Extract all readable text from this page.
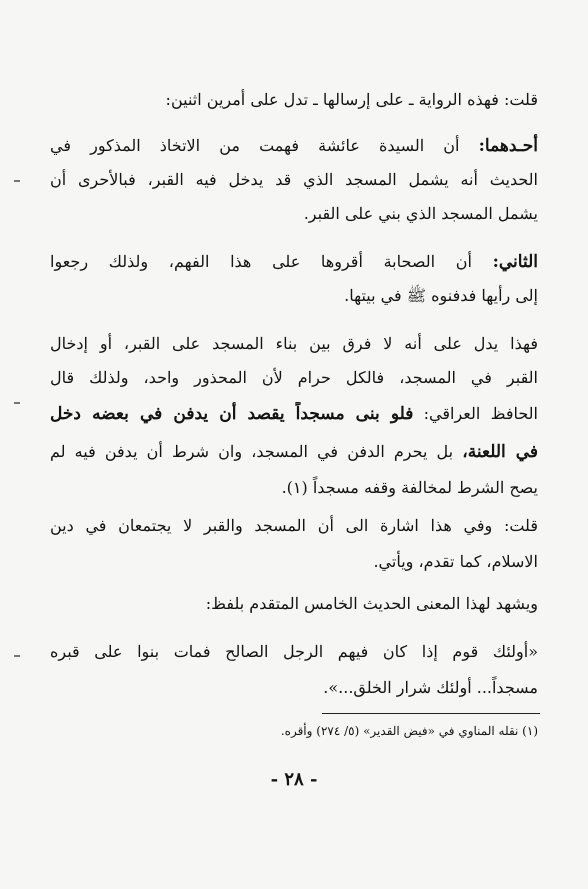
قلت: فهذه الرواية ـ على إرسالها ـ تدل على أمرين اثنين:
أحـدهما: أن السيدة عائشة فهمت من الاتخاذ المذكور في
الحديث أنه يشمل المسجد الذي قد يدخل فيه القبر، فبالأحرى أن
يشمل المسجد الذي بني على القبر.
الثاني: أن الصحابة أقروها على هذا الفهم، ولذلك رجعوا
إلى رأيها فدفنوه ﷺ في بيتها.
فهذا يدل على أنه لا فرق بين بناء المسجد على القبر، أو إدخال
القبر في المسجد، فالكل حرام لأن المحذور واحد، ولذلك قال
الحافظ العراقي: فلو بنى مسجداً يقصد أن يدفن في بعضه دخل
في اللعنة، بل يحرم الدفن في المسجد، وان شرط أن يدفن فيه لم
يصح الشرط لمخالفة وقفه مسجداً (١).
قلت: وفي هذا اشارة الى أن المسجد والقبر لا يجتمعان في دين
الاسلام، كما تقدم، ويأتي.
ويشهد لهذا المعنى الحديث الخامس المتقدم بلفظ:
«أولئك قوم إذا كان فيهم الرجل الصالح فمات بنوا على قبره
مسجداً... أولئك شرار الخلق...».
(١) نقله المناوي في «فيض القدير» (٥/ ٢٧٤) وأقره.
- ٢٨ -
